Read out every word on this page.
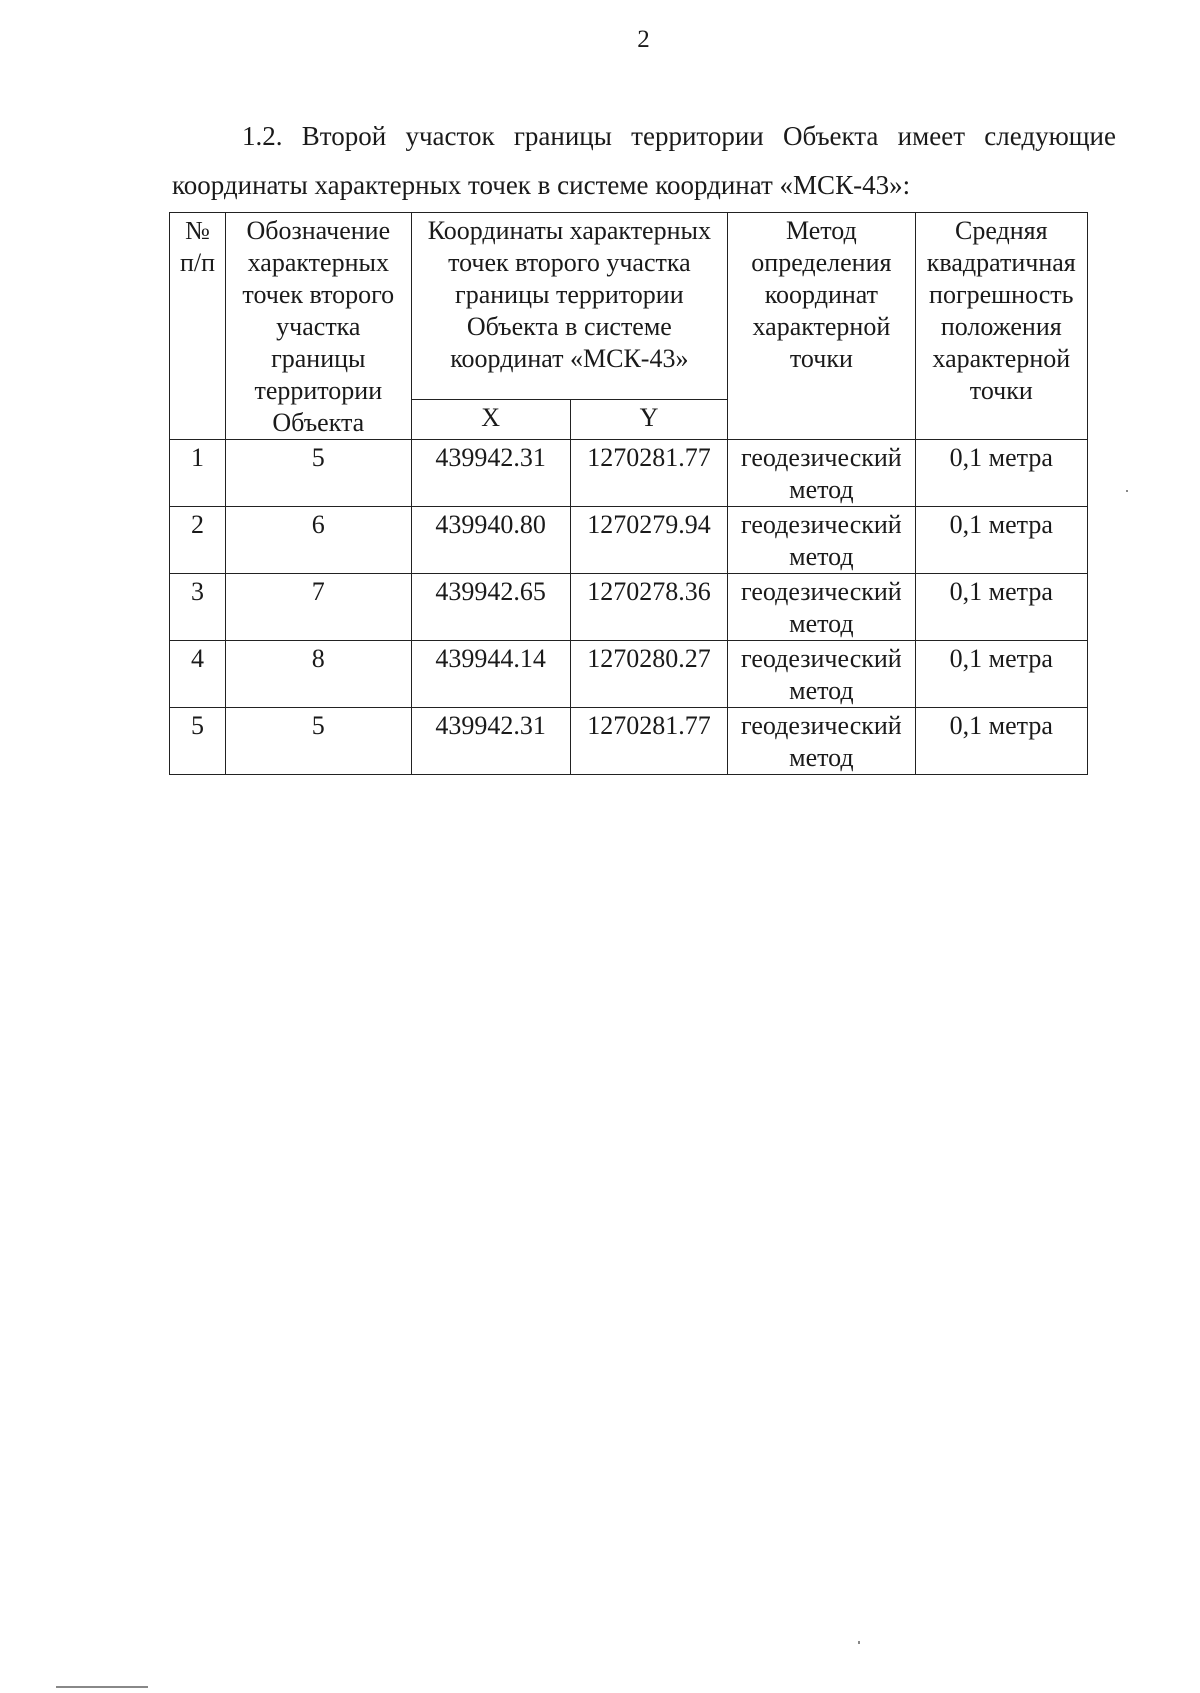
2
1.2. Второй участок границы территории Объекта имеет следующие координаты характерных точек в системе координат «МСК-43»:
№ п/п	Обозначение характерных точек второго участка границы территории Объекта	Координаты характерных точек второго участка границы территории Объекта в системе координат «МСК-43»		Метод определения координат характерной точки	Средняя квадратичная погрешность положения характерной точки
		X	Y		
1	5	439942.31	1270281.77	геодезический метод	0,1 метра
2	6	439940.80	1270279.94	геодезический метод	0,1 метра
3	7	439942.65	1270278.36	геодезический метод	0,1 метра
4	8	439944.14	1270280.27	геодезический метод	0,1 метра
5	5	439942.31	1270281.77	геодезический метод	0,1 метра
